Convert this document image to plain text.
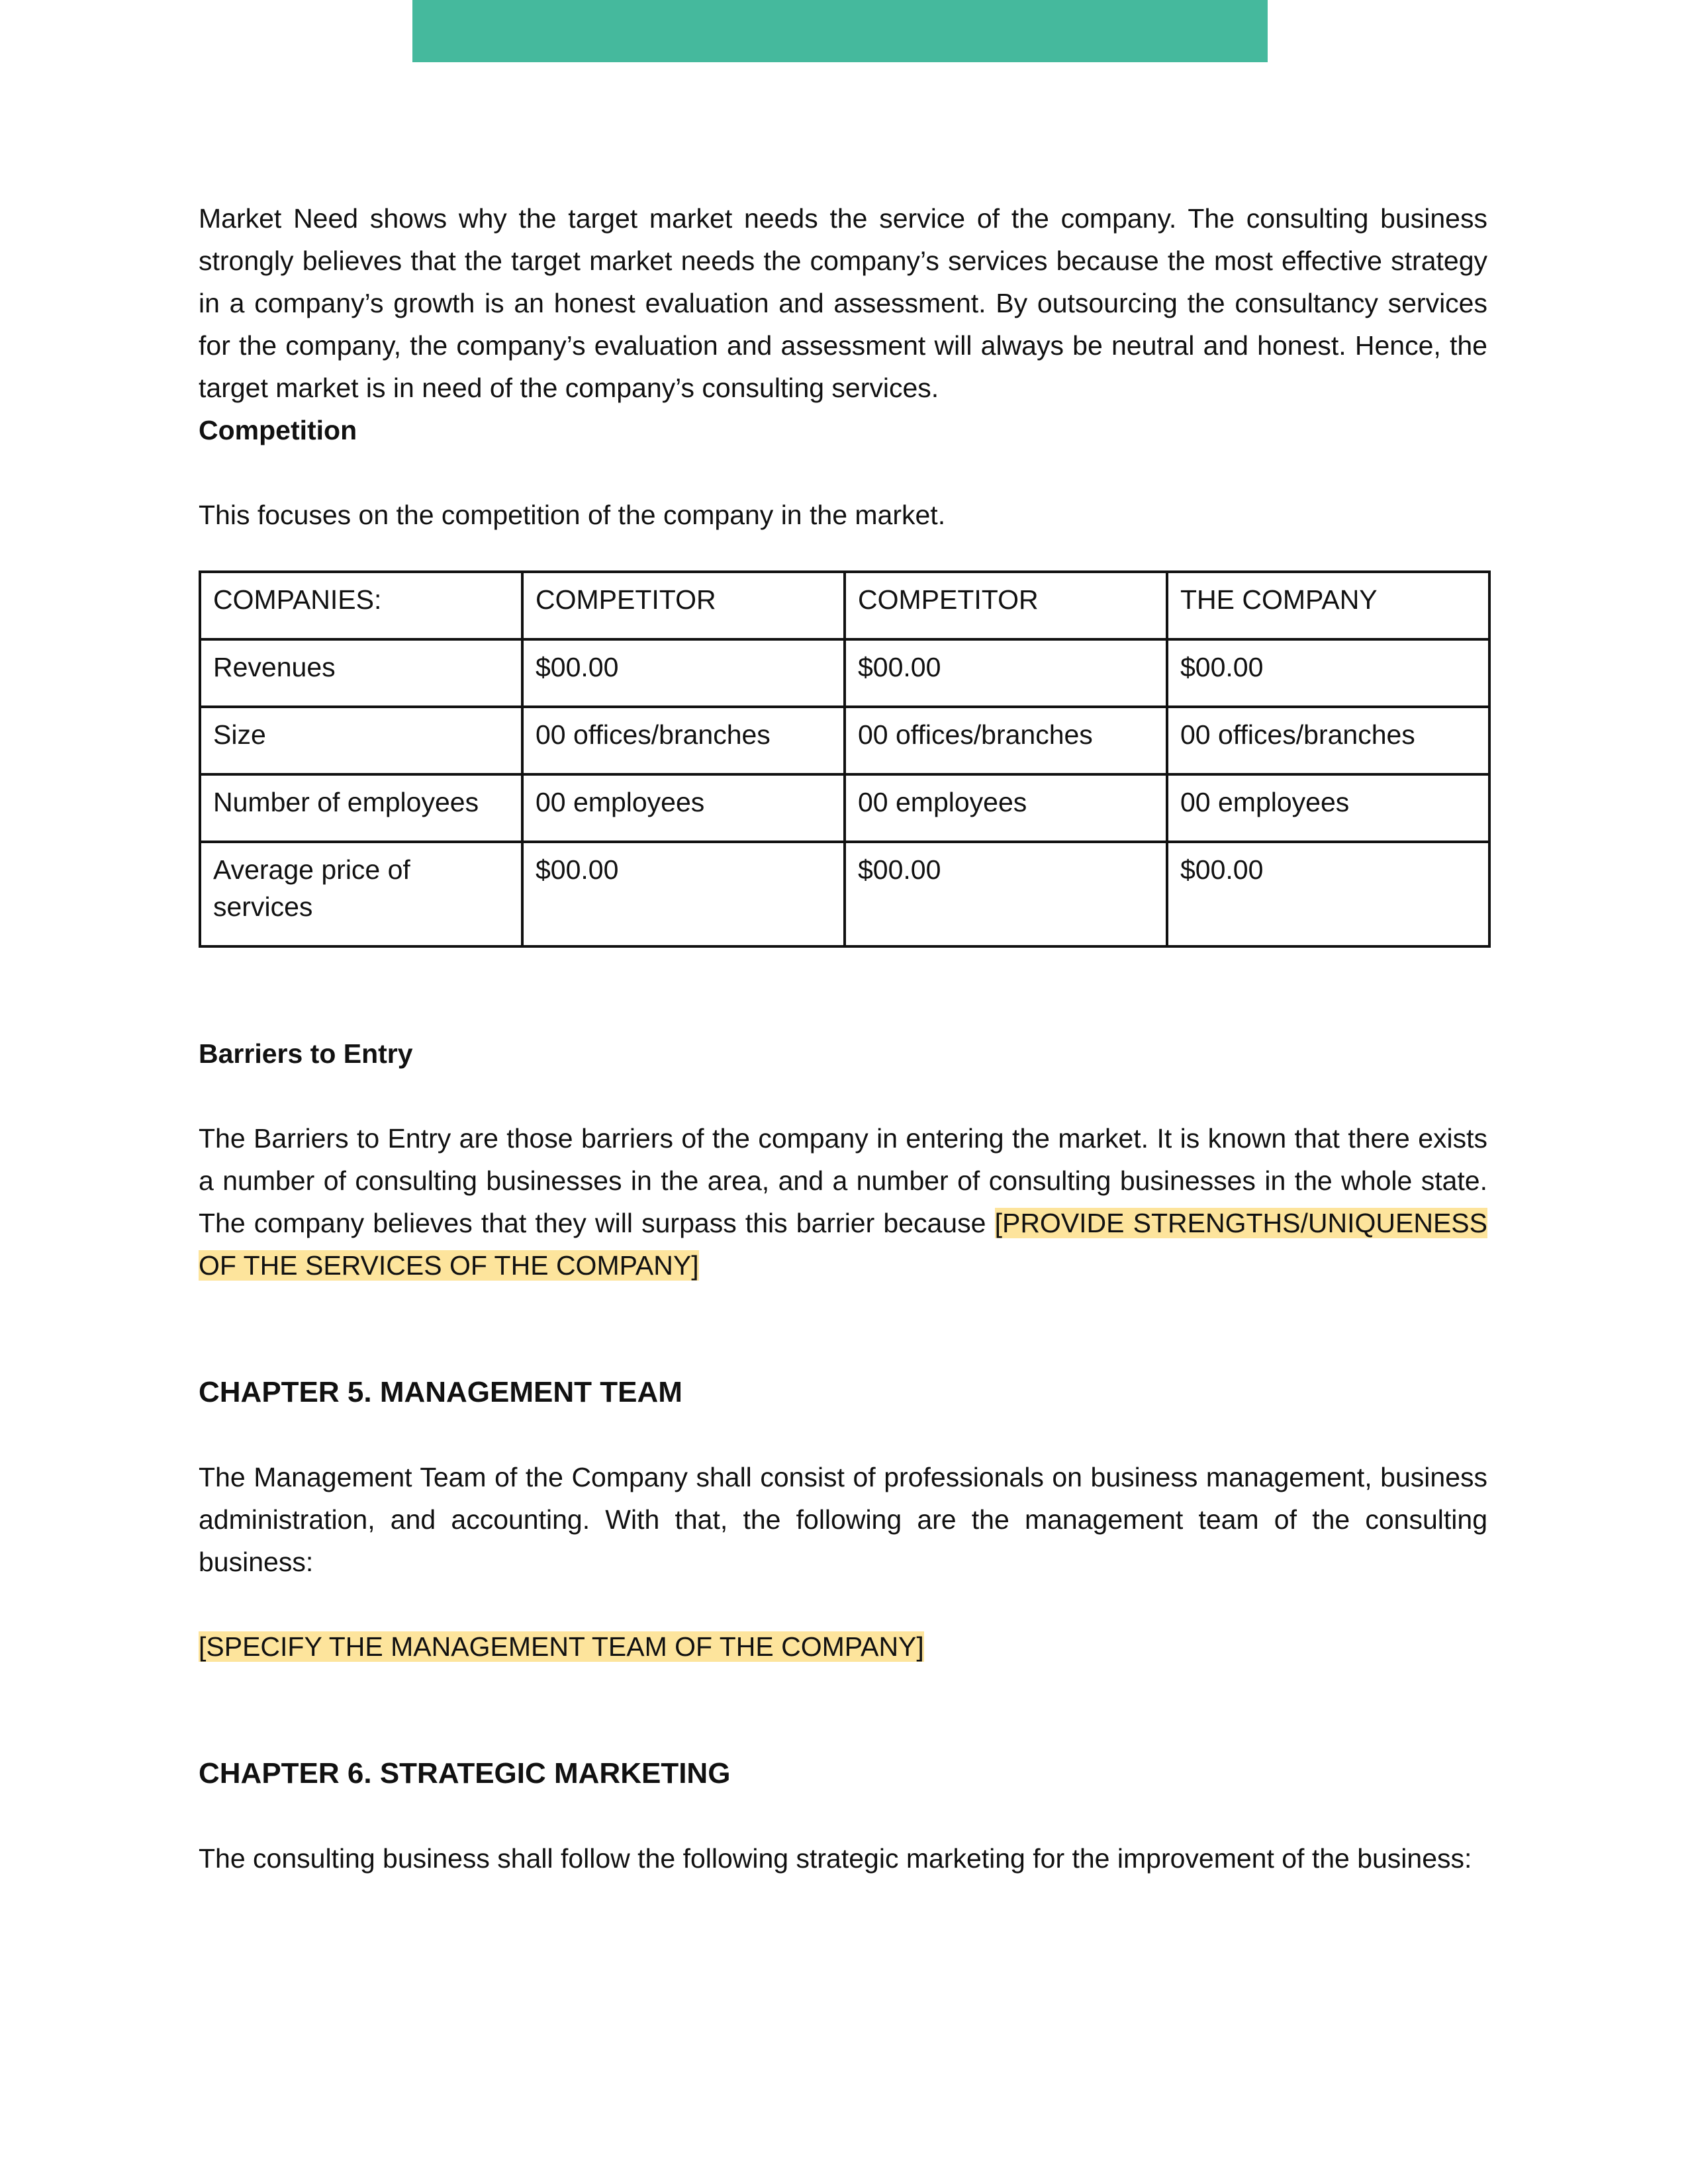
Market Need shows why the target market needs the service of the company. The consulting business strongly believes that the target market needs the company’s services because the most effective strategy in a company’s growth is an honest evaluation and assessment. By outsourcing the consultancy services for the company, the company’s evaluation and assessment will always be neutral and honest. Hence, the target market is in need of the company’s consulting services.

Competition

This focuses on the competition of the company in the market.

COMPANIES:	COMPETITOR	COMPETITOR	THE COMPANY
Revenues	$00.00	$00.00	$00.00
Size	00 offices/branches	00 offices/branches	00 offices/branches
Number of employees	00 employees	00 employees	00 employees
Average price of services	$00.00	$00.00	$00.00

Barriers to Entry

The Barriers to Entry are those barriers of the company in entering the market. It is known that there exists a number of consulting businesses in the area, and a number of consulting businesses in the whole state. The company believes that they will surpass this barrier because [PROVIDE STRENGTHS/UNIQUENESS OF THE SERVICES OF THE COMPANY]

CHAPTER 5. MANAGEMENT TEAM

The Management Team of the Company shall consist of professionals on business management, business administration, and accounting. With that, the following are the management team of the consulting business:

[SPECIFY THE MANAGEMENT TEAM OF THE COMPANY]

CHAPTER 6. STRATEGIC MARKETING

The consulting business shall follow the following strategic marketing for the improvement of the business:
